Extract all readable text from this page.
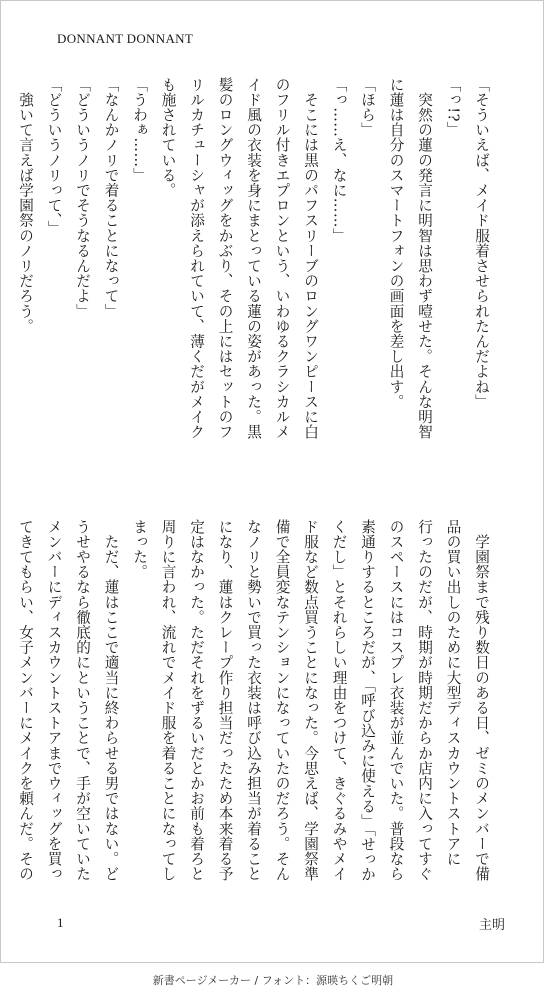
DONNANT DONNANT
「そういえば、メイド服着させられたんだよね」
「っ!?」
　突然の蓮の発言に明智は思わず噎せた。そんな明智
に蓮は自分のスマートフォンの画面を差し出す。
「ほら」
「っ……え、なに……」
　そこには黒のパフスリーブのロングワンピースに白
のフリル付きエプロンという、いわゆるクラシカルメ
イド風の衣装を身にまとっている蓮の姿があった。黒
髪のロングウィッグをかぶり、その上にはセットのフ
リルカチューシャが添えられていて、薄くだがメイク
も施されている。
「うわぁ……」
「なんかノリで着ることになって」
「どういうノリでそうなるんだよ」
「どういうノリって、」
　強いて言えば学園祭のノリだろう。
　学園祭まで残り数日のある日、ゼミのメンバーで備
品の買い出しのために大型ディスカウントストアに
行ったのだが、時期が時期だからか店内に入ってすぐ
のスペースにはコスプレ衣装が並んでいた。普段なら
素通りするところだが、「呼び込みに使える」「せっか
くだし」とそれらしい理由をつけて、きぐるみやメイ
ド服など数点買うことになった。今思えば、学園祭準
備で全員変なテンションになっていたのだろう。そん
なノリと勢いで買った衣装は呼び込み担当が着ること
になり、蓮はクレープ作り担当だったため本来着る予
定はなかった。ただそれをずるいだとかお前も着ろと
周りに言われ、流れでメイド服を着ることになってし
まった。
　ただ、蓮はここで適当に終わらせる男ではない。ど
うせやるなら徹底的にということで、手が空いていた
メンバーにディスカウントストアまでウィッグを買っ
てきてもらい、女子メンバーにメイクを頼んだ。その
1	主明
新書ページメーカー / フォント：源暎ちくご明朝
